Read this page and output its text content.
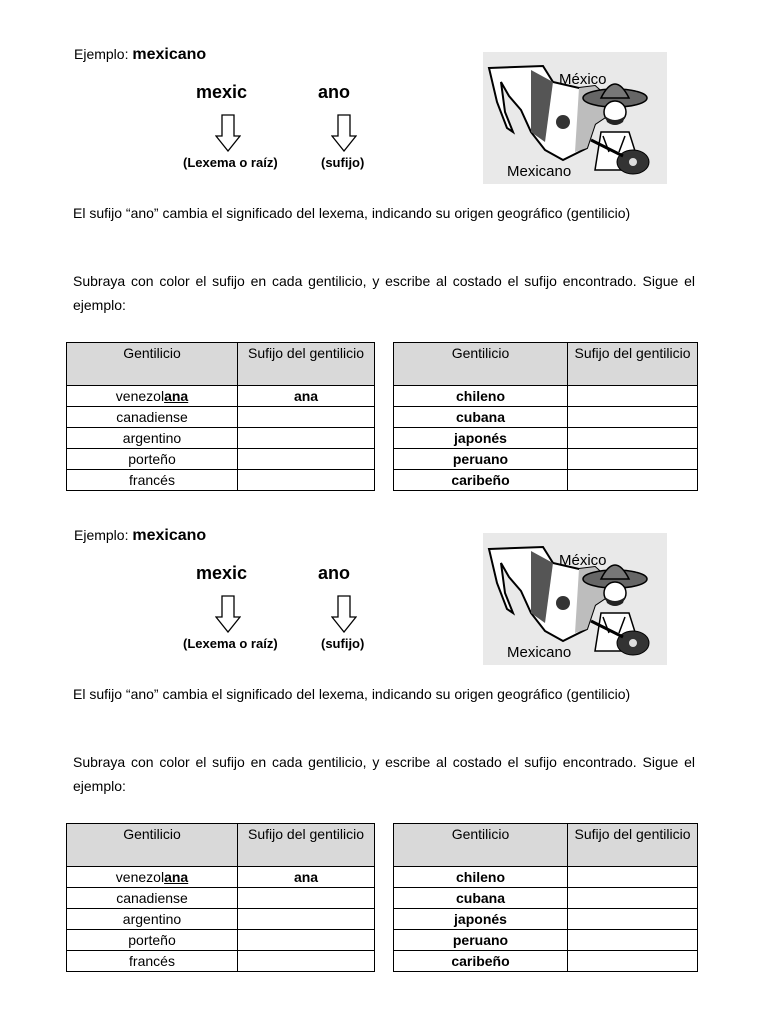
Ejemplo: mexicano
mexic	ano
(Lexema o raíz)	(sufijo)
México
Mexicano
El sufijo “ano” cambia el significado del lexema, indicando su origen geográfico (gentilicio)
Subraya con color el sufijo en cada gentilicio, y escribe al costado el sufijo encontrado. Sigue el ejemplo:
Gentilicio	Sufijo del gentilicio
venezolana	ana
canadiense	
argentino	
porteño	
francés	
Gentilicio	Sufijo del gentilicio
chileno	
cubana	
japonés	
peruano	
caribeño	
Ejemplo: mexicano
mexic	ano
(Lexema o raíz)	(sufijo)
México
Mexicano
El sufijo “ano” cambia el significado del lexema, indicando su origen geográfico (gentilicio)
Subraya con color el sufijo en cada gentilicio, y escribe al costado el sufijo encontrado. Sigue el ejemplo:
Gentilicio	Sufijo del gentilicio
venezolana	ana
canadiense	
argentino	
porteño	
francés	
Gentilicio	Sufijo del gentilicio
chileno	
cubana	
japonés	
peruano	
caribeño	
